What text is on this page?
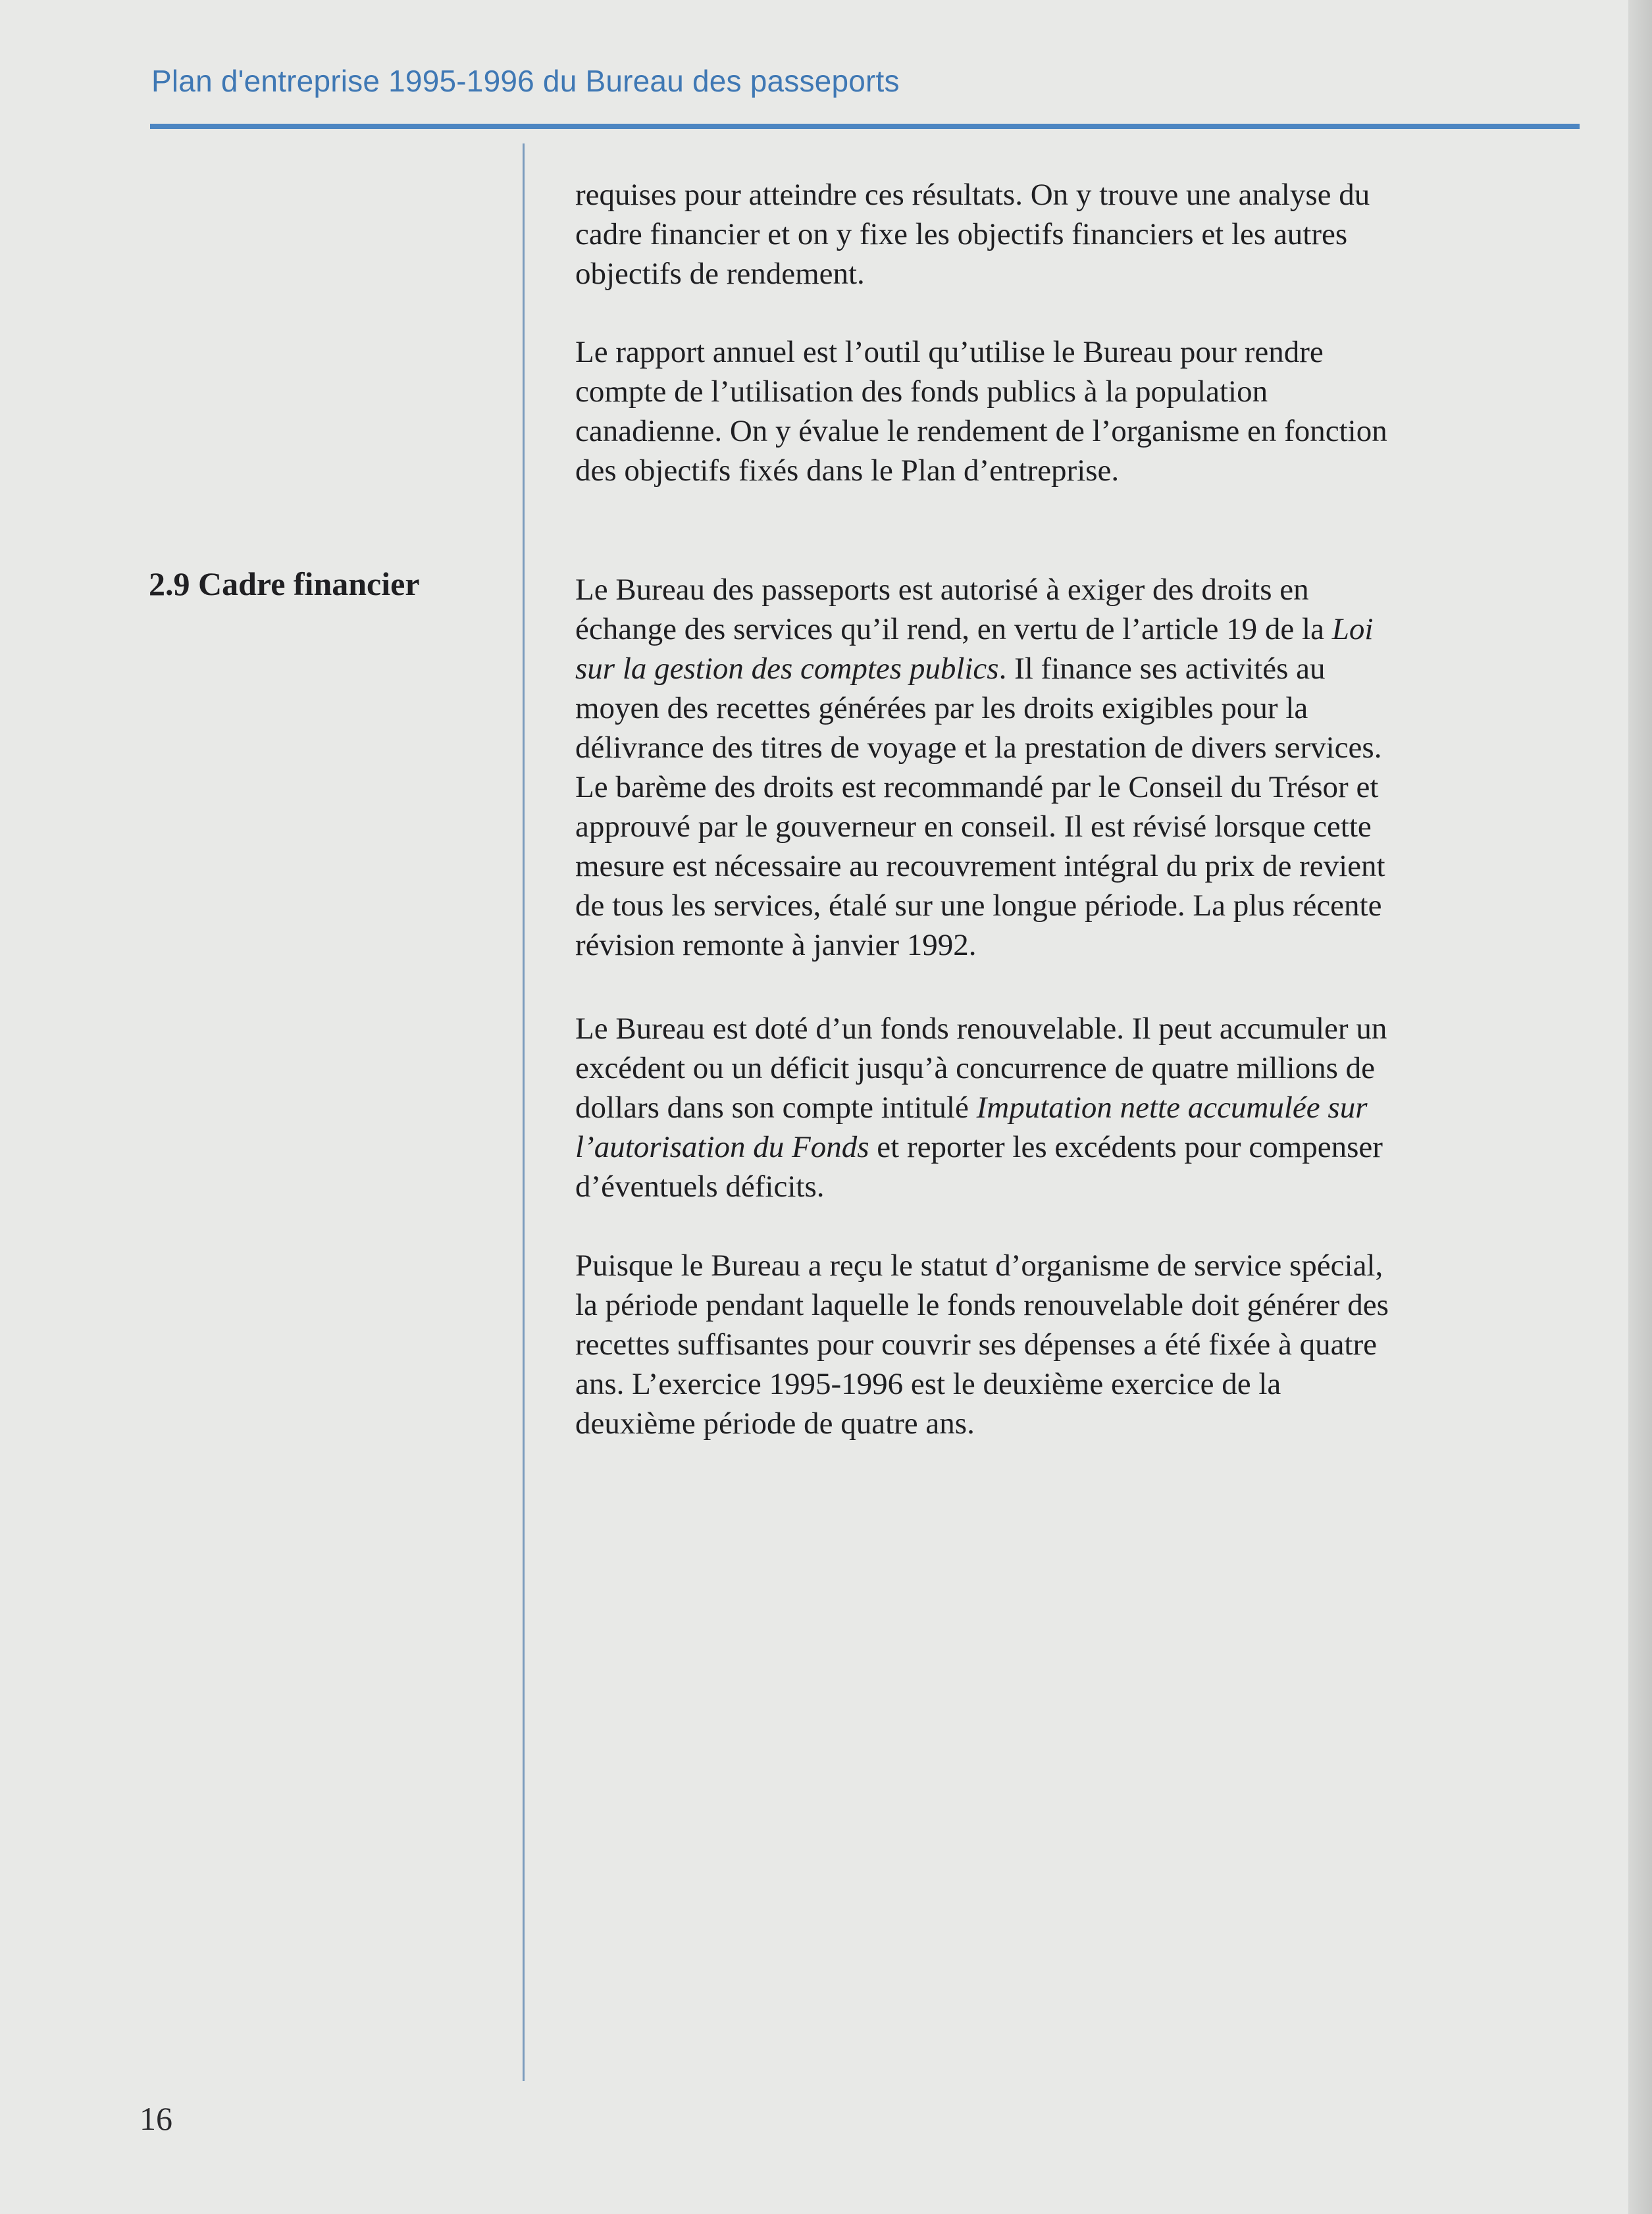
Plan d'entreprise 1995-1996 du Bureau des passeports
2.9 Cadre financier

requises pour atteindre ces résultats. On y trouve une analyse du
cadre financier et on y fixe les objectifs financiers et les autres
objectifs de rendement.

Le rapport annuel est l’outil qu’utilise le Bureau pour rendre
compte de l’utilisation des fonds publics à la population
canadienne. On y évalue le rendement de l’organisme en fonction
des objectifs fixés dans le Plan d’entreprise.

Le Bureau des passeports est autorisé à exiger des droits en
échange des services qu’il rend, en vertu de l’article 19 de la Loi
sur la gestion des comptes publics. Il finance ses activités au
moyen des recettes générées par les droits exigibles pour la
délivrance des titres de voyage et la prestation de divers services.
Le barème des droits est recommandé par le Conseil du Trésor et
approuvé par le gouverneur en conseil. Il est révisé lorsque cette
mesure est nécessaire au recouvrement intégral du prix de revient
de tous les services, étalé sur une longue période. La plus récente
révision remonte à janvier 1992.

Le Bureau est doté d’un fonds renouvelable. Il peut accumuler un
excédent ou un déficit jusqu’à concurrence de quatre millions de
dollars dans son compte intitulé Imputation nette accumulée sur
l’autorisation du Fonds et reporter les excédents pour compenser
d’éventuels déficits.

Puisque le Bureau a reçu le statut d’organisme de service spécial,
la période pendant laquelle le fonds renouvelable doit générer des
recettes suffisantes pour couvrir ses dépenses a été fixée à quatre
ans. L’exercice 1995-1996 est le deuxième exercice de la
deuxième période de quatre ans.

16
